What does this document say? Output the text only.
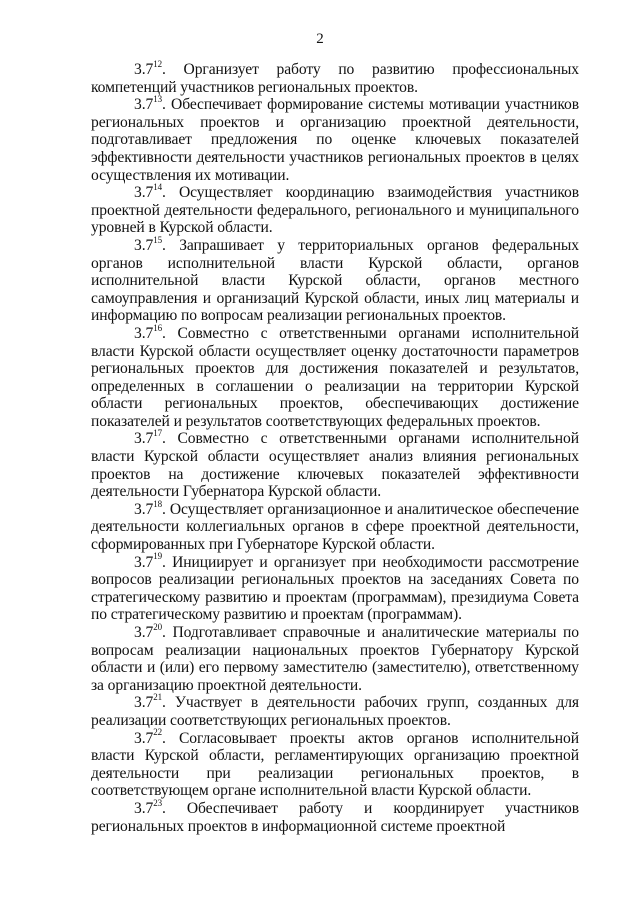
2

$3.7^{12}$. Организует работу по развитию профессиональных компетенций участников региональных проектов.

$3.7^{13}$. Обеспечивает формирование системы мотивации участников региональных проектов и организацию проектной деятельности, подготавливает предложения по оценке ключевых показателей эффективности деятельности участников региональных проектов в целях осуществления их мотивации.

$3.7^{14}$. Осуществляет координацию взаимодействия участников проектной деятельности федерального, регионального и муниципального уровней в Курской области.

$3.7^{15}$. Запрашивает у территориальных органов федеральных органов исполнительной власти Курской области, органов исполнительной власти Курской области, органов местного самоуправления и организаций Курской области, иных лиц материалы и информацию по вопросам реализации региональных проектов.

$3.7^{16}$. Совместно с ответственными органами исполнительной власти Курской области осуществляет оценку достаточности параметров региональных проектов для достижения показателей и результатов, определенных в соглашении о реализации на территории Курской области региональных проектов, обеспечивающих достижение показателей и результатов соответствующих федеральных проектов.

$3.7^{17}$. Совместно с ответственными органами исполнительной власти Курской области осуществляет анализ влияния региональных проектов на достижение ключевых показателей эффективности деятельности Губернатора Курской области.

$3.7^{18}$. Осуществляет организационное и аналитическое обеспечение деятельности коллегиальных органов в сфере проектной деятельности, сформированных при Губернаторе Курской области.

$3.7^{19}$. Инициирует и организует при необходимости рассмотрение вопросов реализации региональных проектов на заседаниях Совета по стратегическому развитию и проектам (программам), президиума Совета по стратегическому развитию и проектам (программам).

$3.7^{20}$. Подготавливает справочные и аналитические материалы по вопросам реализации национальных проектов Губернатору Курской области и (или) его первому заместителю (заместителю), ответственному за организацию проектной деятельности.

$3.7^{21}$. Участвует в деятельности рабочих групп, созданных для реализации соответствующих региональных проектов.

$3.7^{22}$. Согласовывает проекты актов органов исполнительной власти Курской области, регламентирующих организацию проектной деятельности при реализации региональных проектов, в соответствующем органе исполнительной власти Курской области.

$3.7^{23}$. Обеспечивает работу и координирует участников региональных проектов в информационной системе проектной
